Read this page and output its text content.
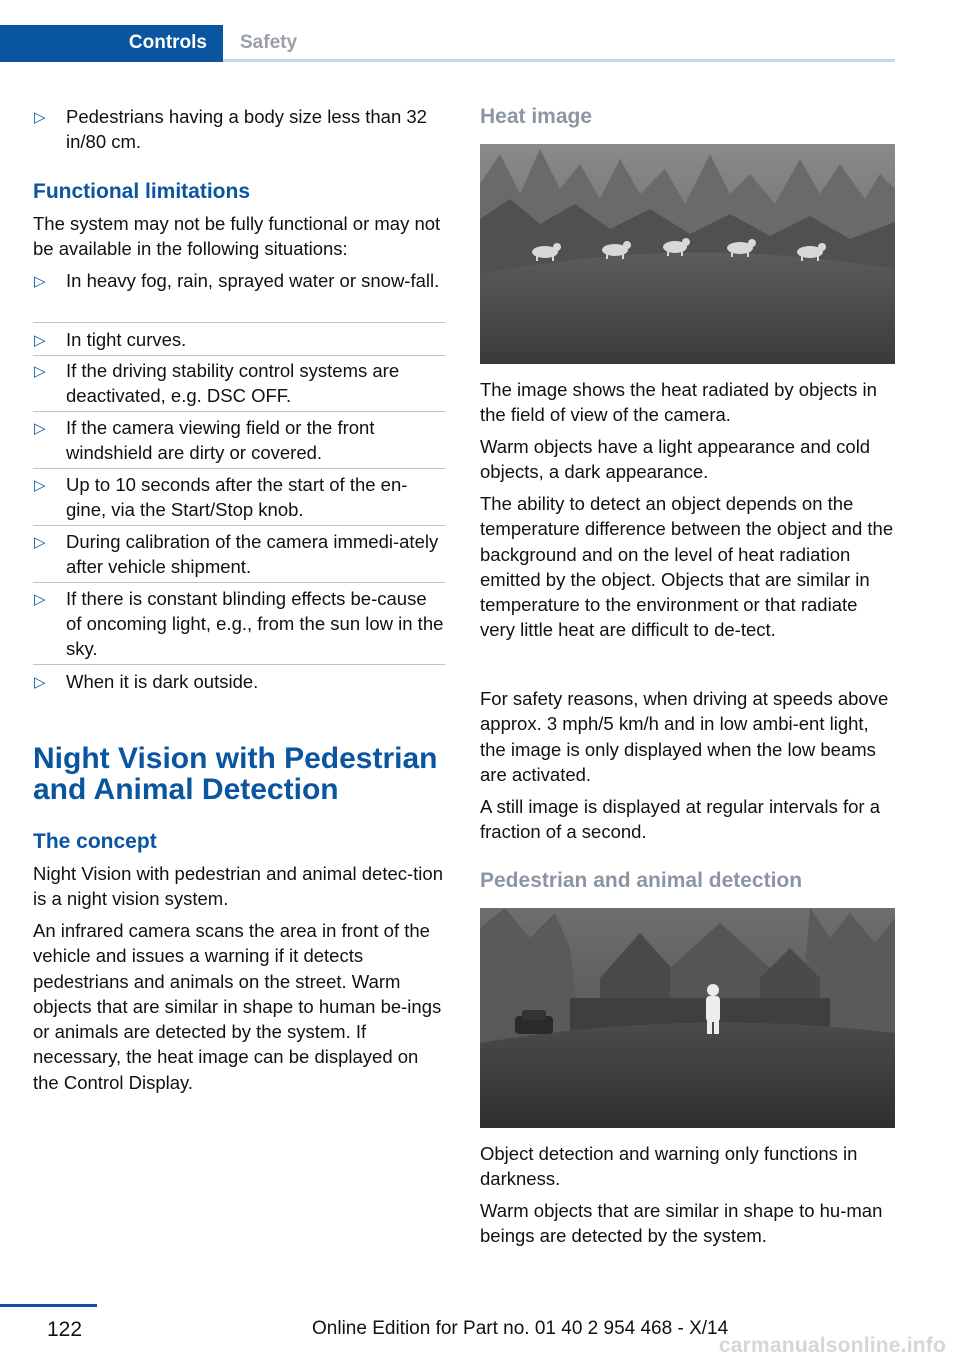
Controls Safety
▷ Pedestrians having a body size less than 32 in/80 cm.
Functional limitations
The system may not be fully functional or may not be available in the following situations:
▷ In heavy fog, rain, sprayed water or snow-fall.
▷ In tight curves.
▷ If the driving stability control systems are deactivated, e.g. DSC OFF.
▷ If the camera viewing field or the front windshield are dirty or covered.
▷ Up to 10 seconds after the start of the en-gine, via the Start/Stop knob.
▷ During calibration of the camera immedi-ately after vehicle shipment.
▷ If there is constant blinding effects be-cause of oncoming light, e.g., from the sun low in the sky.
▷ When it is dark outside.
Night Vision with Pedestrian and Animal Detection
The concept
Night Vision with pedestrian and animal detec-tion is a night vision system.
An infrared camera scans the area in front of the vehicle and issues a warning if it detects pedestrians and animals on the street. Warm objects that are similar in shape to human be-ings or animals are detected by the system. If necessary, the heat image can be displayed on the Control Display.
Heat image
The image shows the heat radiated by objects in the field of view of the camera.
Warm objects have a light appearance and cold objects, a dark appearance.
The ability to detect an object depends on the temperature difference between the object and the background and on the level of heat radiation emitted by the object. Objects that are similar in temperature to the environment or that radiate very little heat are difficult to de-tect.
For safety reasons, when driving at speeds above approx. 3 mph/5 km/h and in low ambi-ent light, the image is only displayed when the low beams are activated.
A still image is displayed at regular intervals for a fraction of a second.
Pedestrian and animal detection
Object detection and warning only functions in darkness.
Warm objects that are similar in shape to hu-man beings are detected by the system.
122	Online Edition for Part no. 01 40 2 954 468 - X/14
carmanualsonline.info
